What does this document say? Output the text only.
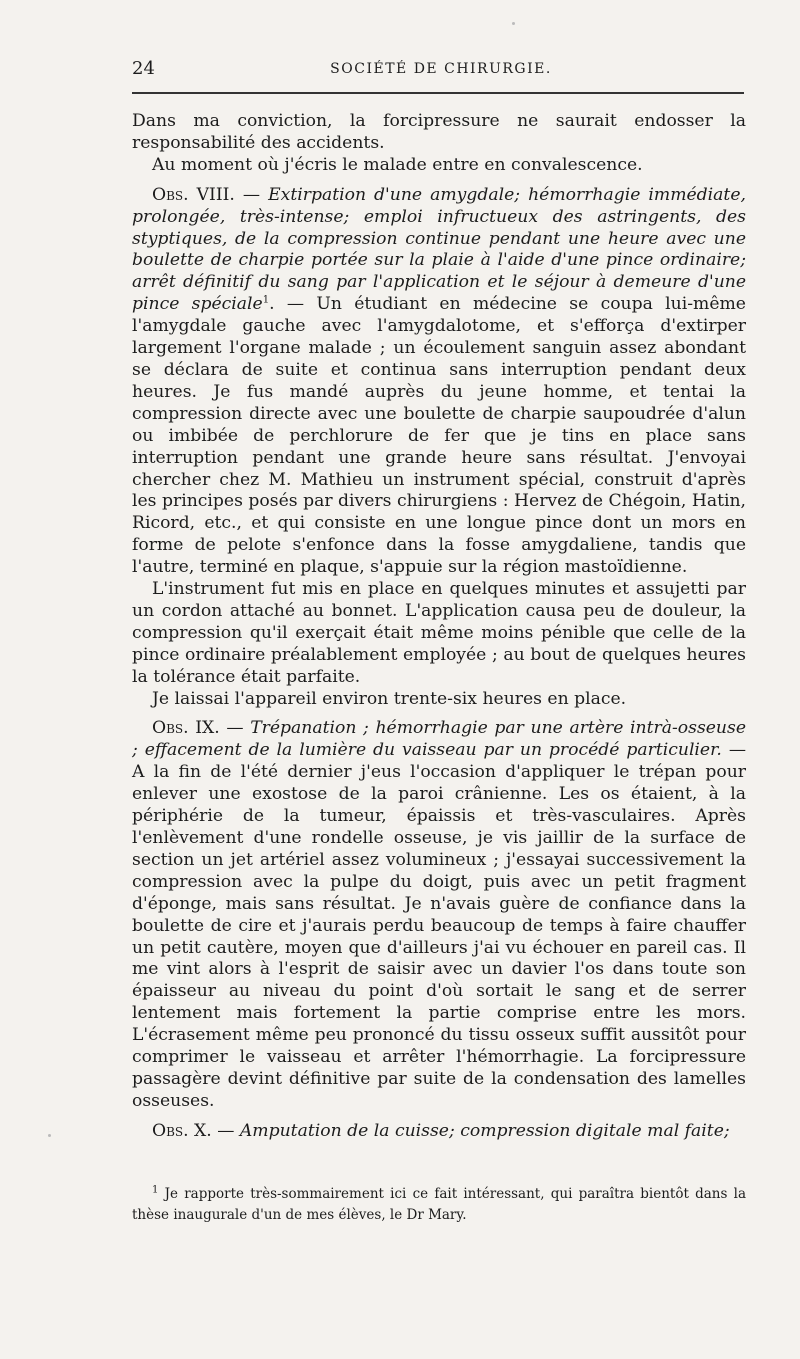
24	SOCIÉTÉ DE CHIRURGIE.

Dans ma conviction, la forcipressure ne saurait endosser la responsabilité des accidents.

Au moment où j'écris le malade entre en convalescence.

Obs. VIII. — Extirpation d'une amygdale; hémorrhagie immédiate, prolongée, très-intense; emploi infructueux des astringents, des styptiques, de la compression continue pendant une heure avec une boulette de charpie portée sur la plaie à l'aide d'une pince ordinaire; arrêt définitif du sang par l'application et le séjour à demeure d'une pince spéciale$^1$. — Un étudiant en médecine se coupa lui-même l'amygdale gauche avec l'amygdalotome, et s'efforça d'extirper largement l'organe malade ; un écoulement sanguin assez abondant se déclara de suite et continua sans interruption pendant deux heures. Je fus mandé auprès du jeune homme, et tentai la compression directe avec une boulette de charpie saupoudrée d'alun ou imbibée de perchlorure de fer que je tins en place sans interruption pendant une grande heure sans résultat. J'envoyai chercher chez M. Mathieu un instrument spécial, construit d'après les principes posés par divers chirurgiens : Hervez de Chégoin, Hatin, Ricord, etc., et qui consiste en une longue pince dont un mors en forme de pelote s'enfonce dans la fosse amygdaliene, tandis que l'autre, terminé en plaque, s'appuie sur la région mastoïdienne.

L'instrument fut mis en place en quelques minutes et assujetti par un cordon attaché au bonnet. L'application causa peu de douleur, la compression qu'il exerçait était même moins pénible que celle de la pince ordinaire préalablement employée ; au bout de quelques heures la tolérance était parfaite.

Je laissai l'appareil environ trente-six heures en place.

Obs. IX. — Trépanation ; hémorrhagie par une artère intrà-osseuse ; effacement de la lumière du vaisseau par un procédé particulier. — A la fin de l'été dernier j'eus l'occasion d'appliquer le trépan pour enlever une exostose de la paroi crânienne. Les os étaient, à la périphérie de la tumeur, épaissis et très-vasculaires. Après l'enlèvement d'une rondelle osseuse, je vis jaillir de la surface de section un jet artériel assez volumineux ; j'essayai successivement la compression avec la pulpe du doigt, puis avec un petit fragment d'éponge, mais sans résultat. Je n'avais guère de confiance dans la boulette de cire et j'aurais perdu beaucoup de temps à faire chauffer un petit cautère, moyen que d'ailleurs j'ai vu échouer en pareil cas. Il me vint alors à l'esprit de saisir avec un davier l'os dans toute son épaisseur au niveau du point d'où sortait le sang et de serrer lentement mais fortement la partie comprise entre les mors. L'écrasement même peu prononcé du tissu osseux suffit aussitôt pour comprimer le vaisseau et arrêter l'hémorrhagie. La forcipressure passagère devint définitive par suite de la condensation des lamelles osseuses.

Obs. X. — Amputation de la cuisse; compression digitale mal faite;

$^1$ Je rapporte très-sommairement ici ce fait intéressant, qui paraîtra bientôt dans la thèse inaugurale d'un de mes élèves, le Dr Mary.
